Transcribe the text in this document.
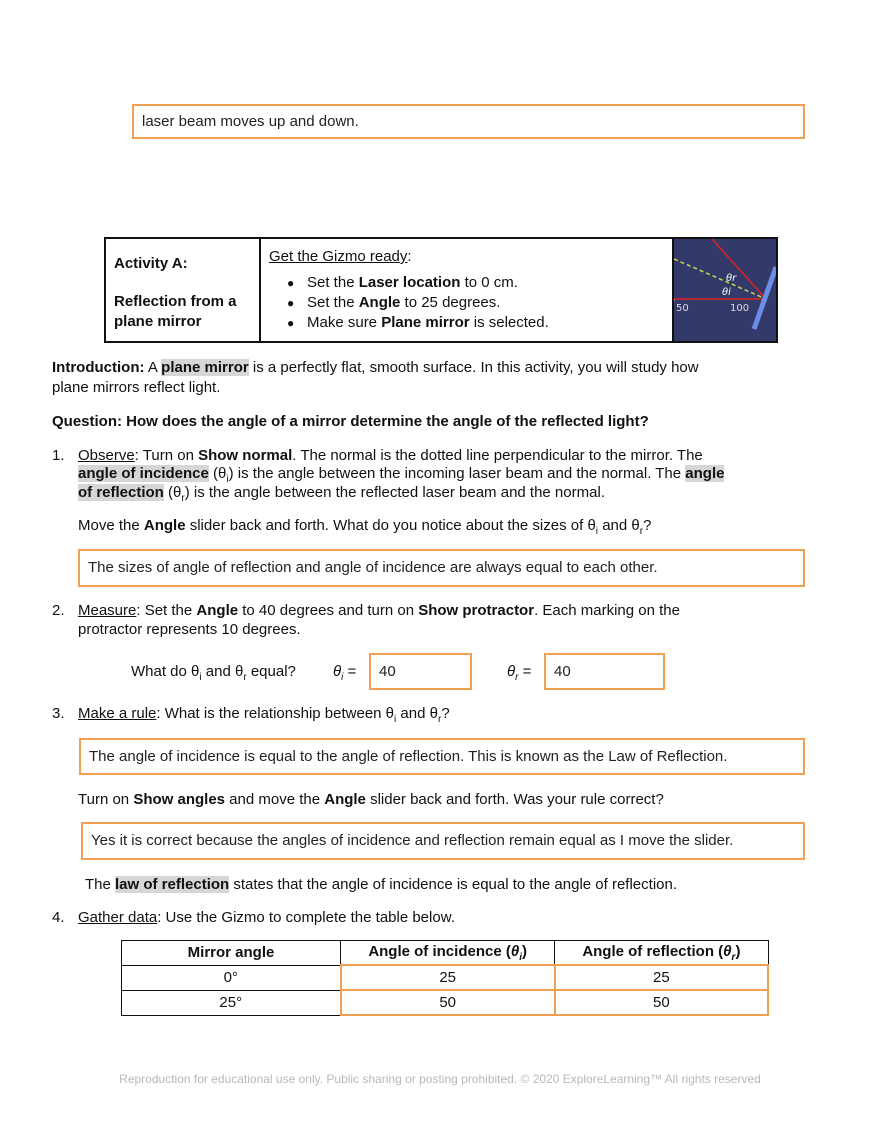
laser beam moves up and down.
Activity A:
Reflection from a plane mirror
Get the Gizmo ready:
● Set the Laser location to 0 cm.
● Set the Angle to 25 degrees.
● Make sure Plane mirror is selected.
θr
θi
50	100
Introduction: A plane mirror is a perfectly flat, smooth surface. In this activity, you will study how
plane mirrors reflect light.
Question: How does the angle of a mirror determine the angle of the reflected light?
1. Observe: Turn on Show normal. The normal is the dotted line perpendicular to the mirror. The
angle of incidence $(\theta_i)$ is the angle between the incoming laser beam and the normal. The angle
of reflection $(\theta_r)$ is the angle between the reflected laser beam and the normal.
Move the Angle slider back and forth. What do you notice about the sizes of $\theta_i$ and $\theta_r$?
The sizes of angle of reflection and angle of incidence are always equal to each other.
2. Measure: Set the Angle to 40 degrees and turn on Show protractor. Each marking on the
protractor represents 10 degrees.
What do $\theta_i$ and $\theta_r$ equal? $\theta_i = 40$	$\theta_r = 40$
3. Make a rule: What is the relationship between $\theta_i$ and $\theta_r$?
The angle of incidence is equal to the angle of reflection. This is known as the Law of Reflection.
Turn on Show angles and move the Angle slider back and forth. Was your rule correct?
Yes it is correct because the angles of incidence and reflection remain equal as I move the slider.
The law of reflection states that the angle of incidence is equal to the angle of reflection.
4. Gather data: Use the Gizmo to complete the table below.
Mirror angle	Angle of incidence $(\theta_i)$	Angle of reflection $(\theta_r)$
0°	25	25
25°	50	50
Reproduction for educational use only. Public sharing or posting prohibited. © 2020 ExploreLearning™ All rights reserved
